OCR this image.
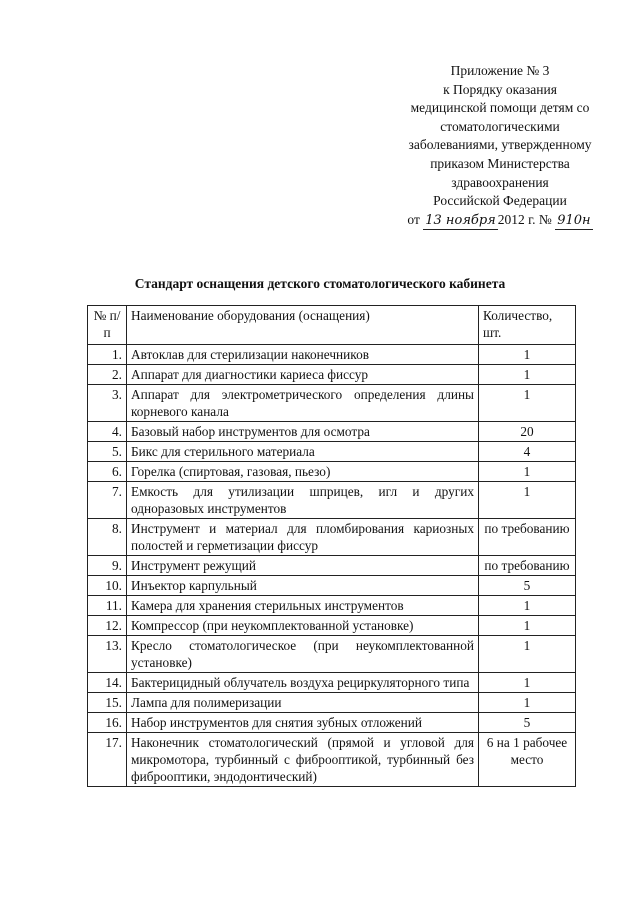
Приложение № 3
к Порядку оказания
медицинской помощи детям со
стоматологическими
заболеваниями, утвержденному
приказом Министерства
здравоохранения
Российской Федерации
от 13 ноября 2012 г. № 910н
Стандарт оснащения детского стоматологического кабинета
№ п/п	Наименование оборудования (оснащения)	Количество, шт.
1.	Автоклав для стерилизации наконечников	1
2.	Аппарат для диагностики кариеса фиссур	1
3.	Аппарат для электрометрического определения длины корневого канала	1
4.	Базовый набор инструментов для осмотра	20
5.	Бикс для стерильного материала	4
6.	Горелка (спиртовая, газовая, пьезо)	1
7.	Емкость для утилизации шприцев, игл и других одноразовых инструментов	1
8.	Инструмент и материал для пломбирования кариозных полостей и герметизации фиссур	по требованию
9.	Инструмент режущий	по требованию
10.	Инъектор карпульный	5
11.	Камера для хранения стерильных инструментов	1
12.	Компрессор (при неукомплектованной установке)	1
13.	Кресло стоматологическое (при неукомплектованной установке)	1
14.	Бактерицидный облучатель воздуха рециркуляторного типа	1
15.	Лампа для полимеризации	1
16.	Набор инструментов для снятия зубных отложений	5
17.	Наконечник стоматологический (прямой и угловой для микромотора, турбинный с фиброоптикой, турбинный без фиброоптики, эндодонтический)	6 на 1 рабочее место
